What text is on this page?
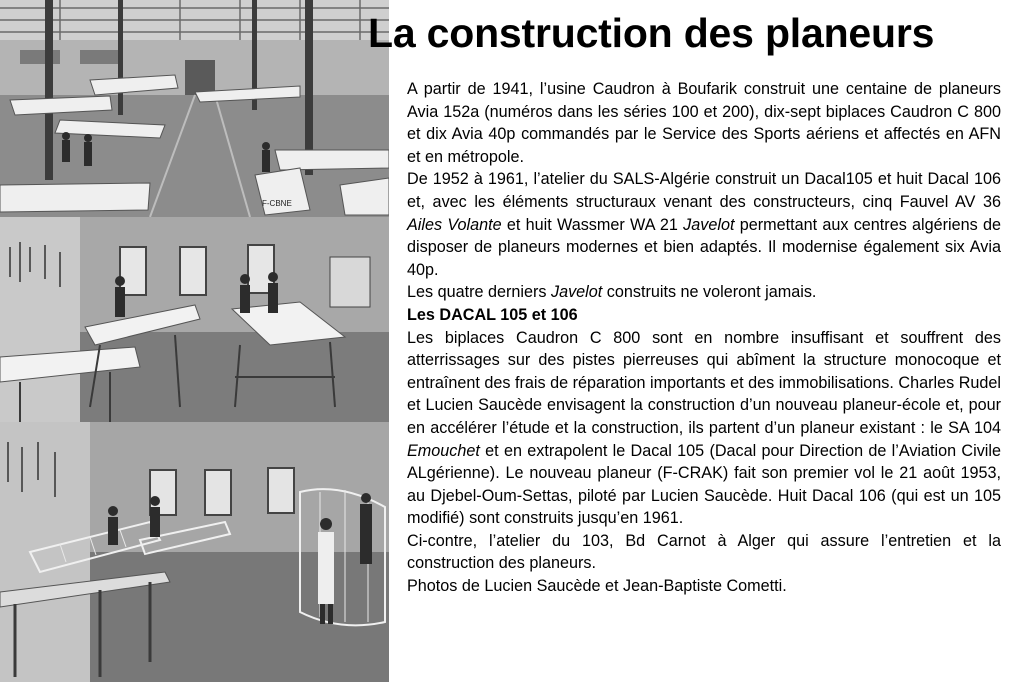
F-CBNE
La construction des planeurs

A partir de 1941, l’usine Caudron à Boufarik construit une centaine de planeurs Avia 152a (numéros dans les séries 100 et 200), dix-sept biplaces Caudron C 800 et dix Avia 40p commandés par le Service des Sports aériens et affectés en AFN et en métropole.

De 1952 à 1961, l’atelier du SALS-Algérie construit un Dacal105 et huit Dacal 106 et, avec les éléments structuraux venant des constructeurs, cinq Fauvel AV 36 Ailes Volante et huit Wassmer WA 21 Javelot permettant aux centres algériens de disposer de planeurs modernes et bien adaptés. Il modernise également six Avia 40p.

Les quatre derniers Javelot construits ne voleront jamais.

Les DACAL 105 et 106

Les biplaces Caudron C 800 sont en nombre insuffisant et souffrent des atterrissages sur des pistes pierreuses qui abîment la structure monocoque et entraînent des frais de réparation importants et des immobilisations. Charles Rudel et Lucien Saucède envisagent la construction d’un nouveau planeur-école et, pour en accélérer l’étude et la construction, ils partent d’un planeur existant : le SA 104 Emouchet et en extrapolent le Dacal 105 (Dacal pour Direction de l’Aviation Civile ALgérienne). Le nouveau planeur (F-CRAK) fait son premier vol le 21 août 1953, au Djebel-Oum-Settas, piloté par Lucien Saucède. Huit Dacal 106 (qui est un 105 modifié) sont construits jusqu’en 1961.

Ci-contre, l’atelier du 103, Bd Carnot à Alger qui assure l’entretien et la construction des planeurs.

Photos de Lucien Saucède et Jean-Baptiste Cometti.
